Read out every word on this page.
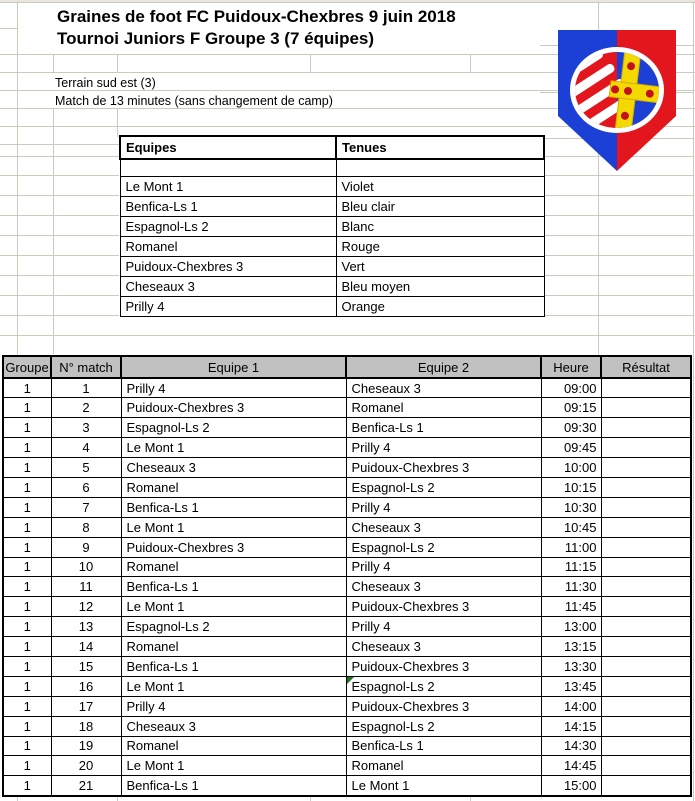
Graines de foot FC Puidoux-Chexbres 9 juin 2018
Tournoi Juniors F Groupe 3 (7 équipes)
Terrain sud est (3)
Match de 13 minutes (sans changement de camp)
Equipes	Tenues

Le Mont 1	Violet
Benfica-Ls 1	Bleu clair
Espagnol-Ls 2	Blanc
Romanel	Rouge
Puidoux-Chexbres 3	Vert
Cheseaux 3	Bleu moyen
Prilly 4	Orange
Groupe	N° match	Equipe 1	Equipe 2	Heure	Résultat
1	1	Prilly 4	Cheseaux 3	09:00	
1	2	Puidoux-Chexbres 3	Romanel	09:15	
1	3	Espagnol-Ls 2	Benfica-Ls 1	09:30	
1	4	Le Mont 1	Prilly 4	09:45	
1	5	Cheseaux 3	Puidoux-Chexbres 3	10:00	
1	6	Romanel	Espagnol-Ls 2	10:15	
1	7	Benfica-Ls 1	Prilly 4	10:30	
1	8	Le Mont 1	Cheseaux 3	10:45	
1	9	Puidoux-Chexbres 3	Espagnol-Ls 2	11:00	
1	10	Romanel	Prilly 4	11:15	
1	11	Benfica-Ls 1	Cheseaux 3	11:30	
1	12	Le Mont 1	Puidoux-Chexbres 3	11:45	
1	13	Espagnol-Ls 2	Prilly 4	13:00	
1	14	Romanel	Cheseaux 3	13:15	
1	15	Benfica-Ls 1	Puidoux-Chexbres 3	13:30	
1	16	Le Mont 1	Espagnol-Ls 2	13:45	
1	17	Prilly 4	Puidoux-Chexbres 3	14:00	
1	18	Cheseaux 3	Espagnol-Ls 2	14:15	
1	19	Romanel	Benfica-Ls 1	14:30	
1	20	Le Mont 1	Romanel	14:45	
1	21	Benfica-Ls 1	Le Mont 1	15:00	
